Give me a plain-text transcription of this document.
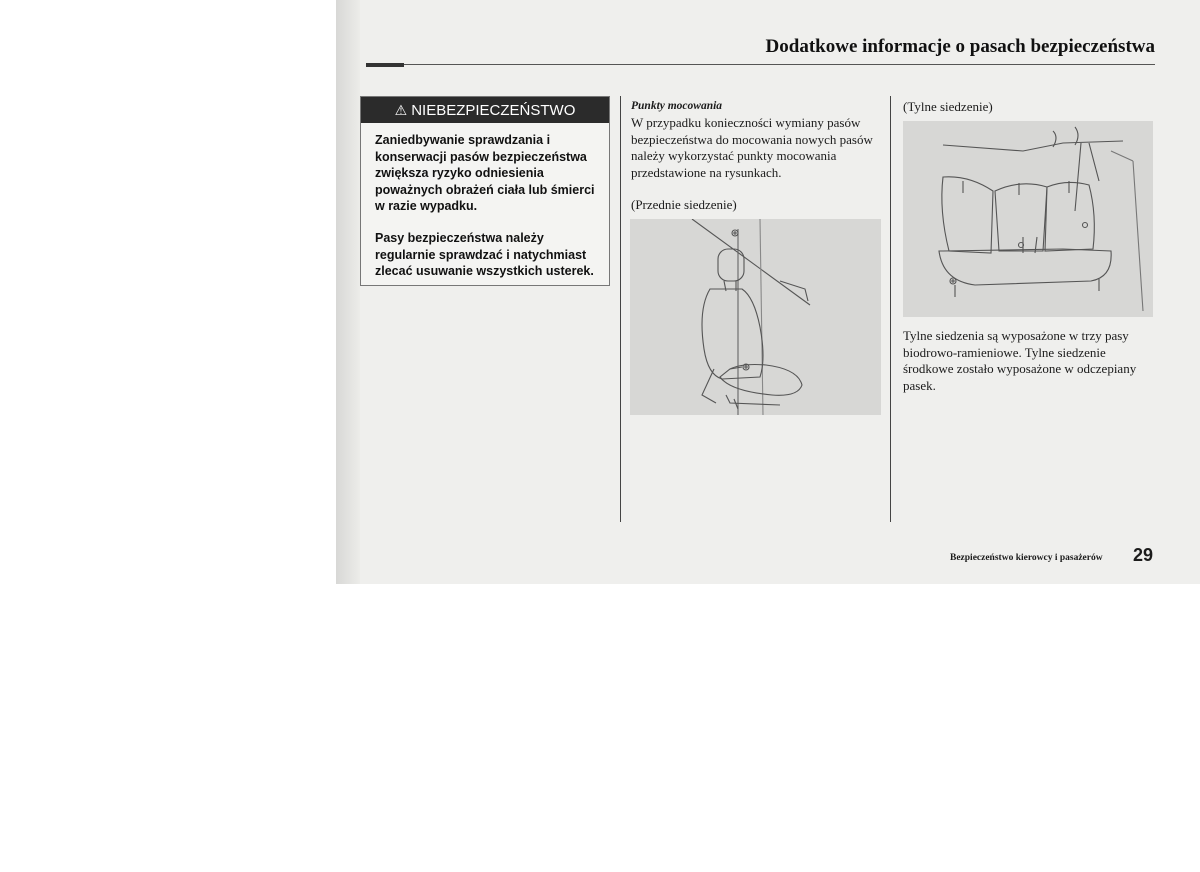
Dodatkowe informacje o pasach bezpieczeństwa
⚠ NIEBEZPIECZEŃSTWO
Zaniedbywanie sprawdzania i konserwacji pasów bezpieczeństwa zwiększa ryzyko odniesienia poważnych obrażeń ciała lub śmierci w razie wypadku.
Pasy bezpieczeństwa należy regularnie sprawdzać i natychmiast zlecać usuwanie wszystkich usterek.
Punkty mocowania
W przypadku konieczności wymiany pasów bezpieczeństwa do mocowania nowych pasów należy wykorzystać punkty mocowania przedstawione na rysunkach.
(Przednie siedzenie)
(Tylne siedzenie)
Tylne siedzenia są wyposażone w trzy pasy biodrowo-ramieniowe. Tylne siedzenie środkowe zostało wyposażone w odczepiany pasek.
Bezpieczeństwo kierowcy i pasażerów 29
